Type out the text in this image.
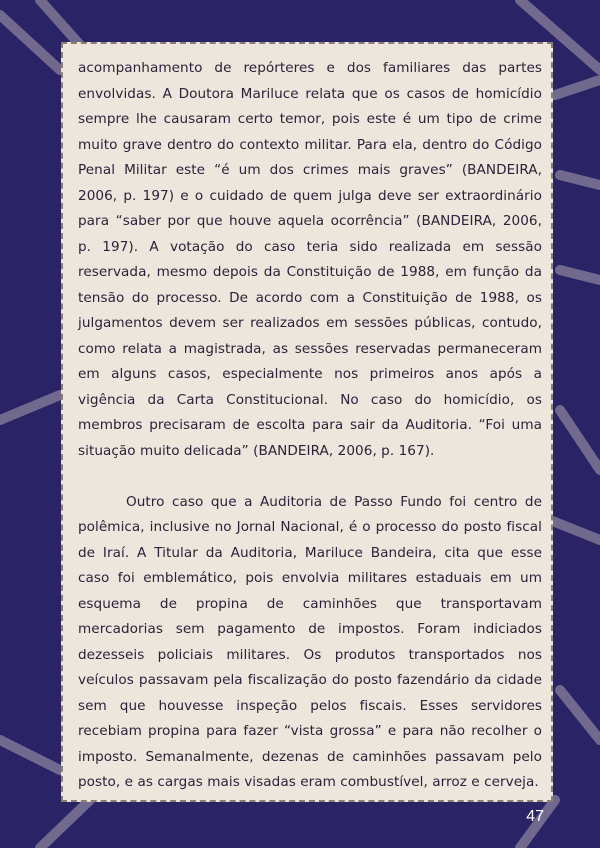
acompanhamento de repórteres e dos familiares das partes envolvidas. A Doutora Mariluce relata que os casos de homicídio sempre lhe causaram certo temor, pois este é um tipo de crime muito grave dentro do contexto militar. Para ela, dentro do Código Penal Militar este “é um dos crimes mais graves” (BANDEIRA, 2006, p. 197) e o cuidado de quem julga deve ser extraordinário para “saber por que houve aquela ocorrência” (BANDEIRA, 2006, p. 197). A votação do caso teria sido realizada em sessão reservada, mesmo depois da Constituição de 1988, em função da tensão do processo. De acordo com a Constituição de 1988, os julgamentos devem ser realizados em sessões públicas, contudo, como relata a magistrada, as sessões reservadas permaneceram em alguns casos, especialmente nos primeiros anos após a vigência da Carta Constitucional. No caso do homicídio, os membros precisaram de escolta para sair da Auditoria. “Foi uma situação muito delicada” (BANDEIRA, 2006, p. 167).

Outro caso que a Auditoria de Passo Fundo foi centro de polêmica, inclusive no Jornal Nacional, é o processo do posto fiscal de Iraí. A Titular da Auditoria, Mariluce Bandeira, cita que esse caso foi emblemático, pois envolvia militares estaduais em um esquema de propina de caminhões que transportavam mercadorias sem pagamento de impostos. Foram indiciados dezesseis policiais militares. Os produtos transportados nos veículos passavam pela fiscalização do posto fazendário da cidade sem que houvesse inspeção pelos fiscais. Esses servidores recebiam propina para fazer “vista grossa” e para não recolher o imposto. Semanalmente, dezenas de caminhões passavam pelo posto, e as cargas mais visadas eram combustível, arroz e cerveja.

47
